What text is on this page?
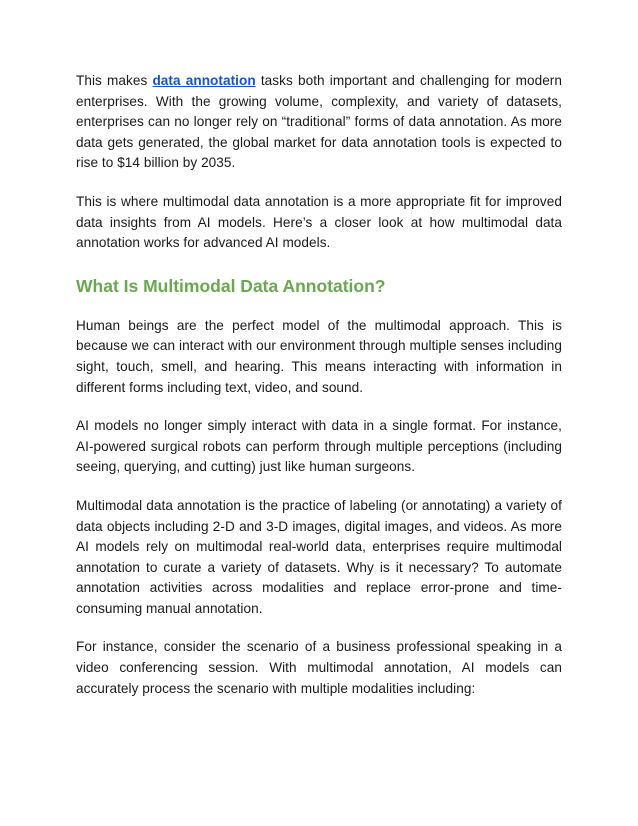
This makes data annotation tasks both important and challenging for modern enterprises. With the growing volume, complexity, and variety of datasets, enterprises can no longer rely on “traditional” forms of data annotation. As more data gets generated, the global market for data annotation tools is expected to rise to $14 billion by 2035.

This is where multimodal data annotation is a more appropriate fit for improved data insights from AI models. Here’s a closer look at how multimodal data annotation works for advanced AI models.

What Is Multimodal Data Annotation?

Human beings are the perfect model of the multimodal approach. This is because we can interact with our environment through multiple senses including sight, touch, smell, and hearing. This means interacting with information in different forms including text, video, and sound.

AI models no longer simply interact with data in a single format. For instance, AI-powered surgical robots can perform through multiple perceptions (including seeing, querying, and cutting) just like human surgeons.

Multimodal data annotation is the practice of labeling (or annotating) a variety of data objects including 2-D and 3-D images, digital images, and videos. As more AI models rely on multimodal real-world data, enterprises require multimodal annotation to curate a variety of datasets. Why is it necessary? To automate annotation activities across modalities and replace error-prone and time-consuming manual annotation.

For instance, consider the scenario of a business professional speaking in a video conferencing session. With multimodal annotation, AI models can accurately process the scenario with multiple modalities including:
